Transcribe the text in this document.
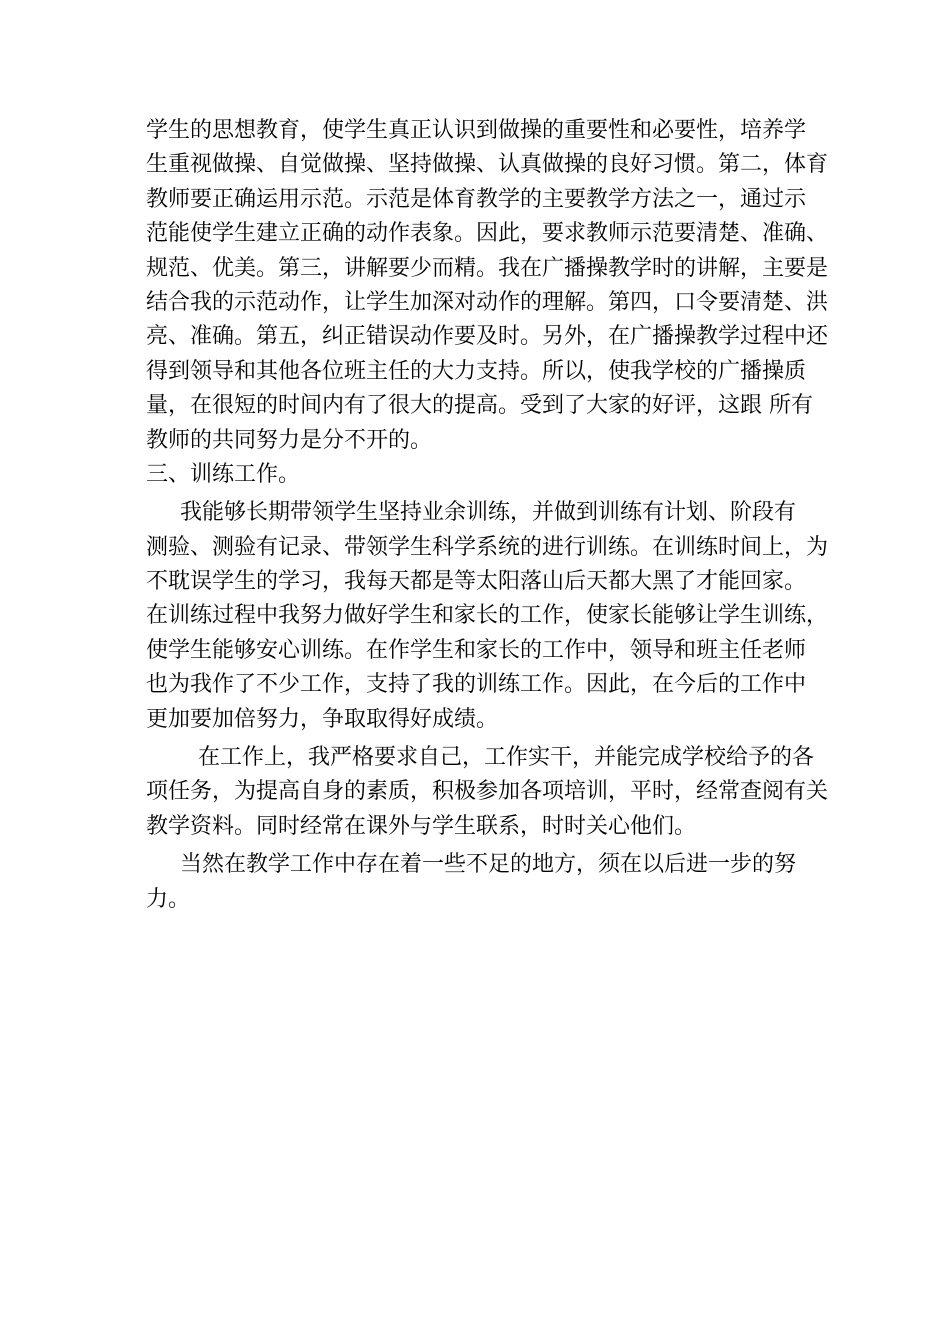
学生的思想教育，使学生真正认识到做操的重要性和必要性，培养学
生重视做操、自觉做操、坚持做操、认真做操的良好习惯。第二，体育
教师要正确运用示范。示范是体育教学的主要教学方法之一，通过示
范能使学生建立正确的动作表象。因此，要求教师示范要清楚、准确、
规范、优美。第三，讲解要少而精。我在广播操教学时的讲解，主要是
结合我的示范动作，让学生加深对动作的理解。第四，口令要清楚、洪
亮、准确。第五，纠正错误动作要及时。另外，在广播操教学过程中还
得到领导和其他各位班主任的大力支持。所以，使我学校的广播操质
量，在很短的时间内有了很大的提高。受到了大家的好评，这跟 所有
教师的共同努力是分不开的。
三、训练工作。
我能够长期带领学生坚持业余训练，并做到训练有计划、阶段有
测验、测验有记录、带领学生科学系统的进行训练。在训练时间上，为
不耽误学生的学习，我每天都是等太阳落山后天都大黑了才能回家。
在训练过程中我努力做好学生和家长的工作，使家长能够让学生训练，
使学生能够安心训练。在作学生和家长的工作中，领导和班主任老师
也为我作了不少工作，支持了我的训练工作。因此，在今后的工作中
更加要加倍努力，争取取得好成绩。
在工作上，我严格要求自己，工作实干，并能完成学校给予的各
项任务，为提高自身的素质，积极参加各项培训，平时，经常查阅有关
教学资料。同时经常在课外与学生联系，时时关心他们。
当然在教学工作中存在着一些不足的地方，须在以后进一步的努
力。
